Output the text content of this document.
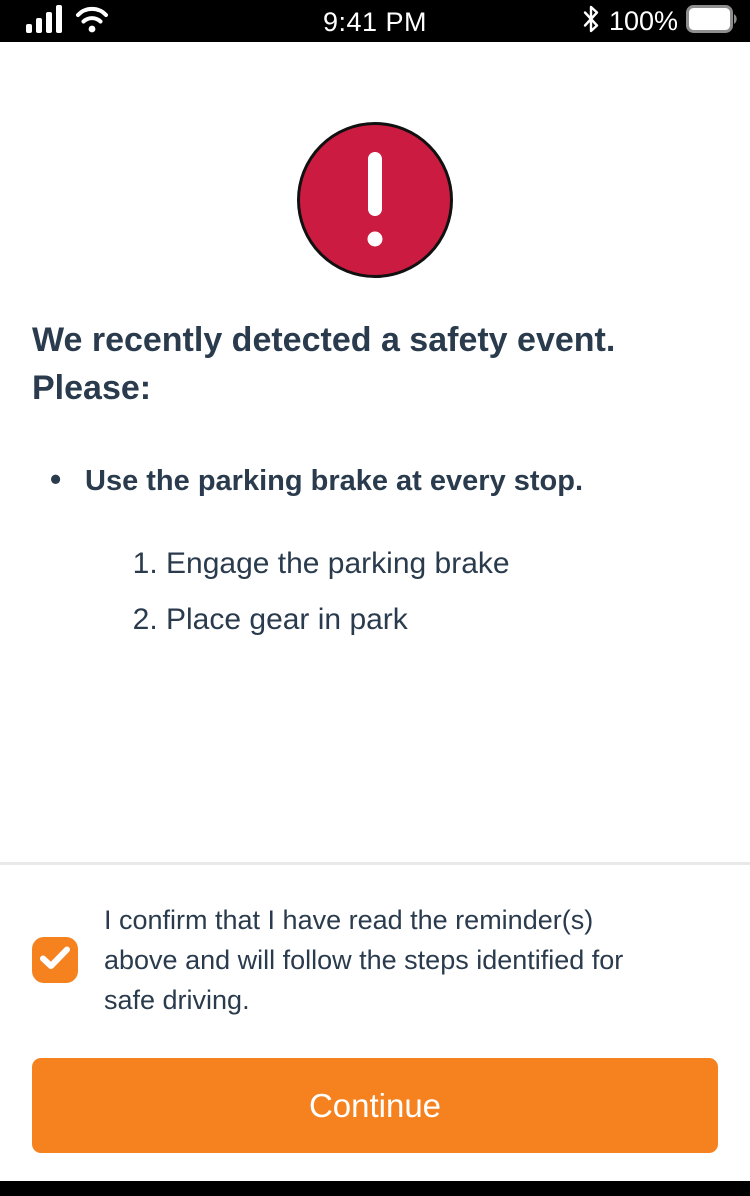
9:41 PM	100%
We recently detected a safety event. Please:
• Use the parking brake at every stop.
1. Engage the parking brake
2. Place gear in park
I confirm that I have read the reminder(s) above and will follow the steps identified for safe driving.
Continue
